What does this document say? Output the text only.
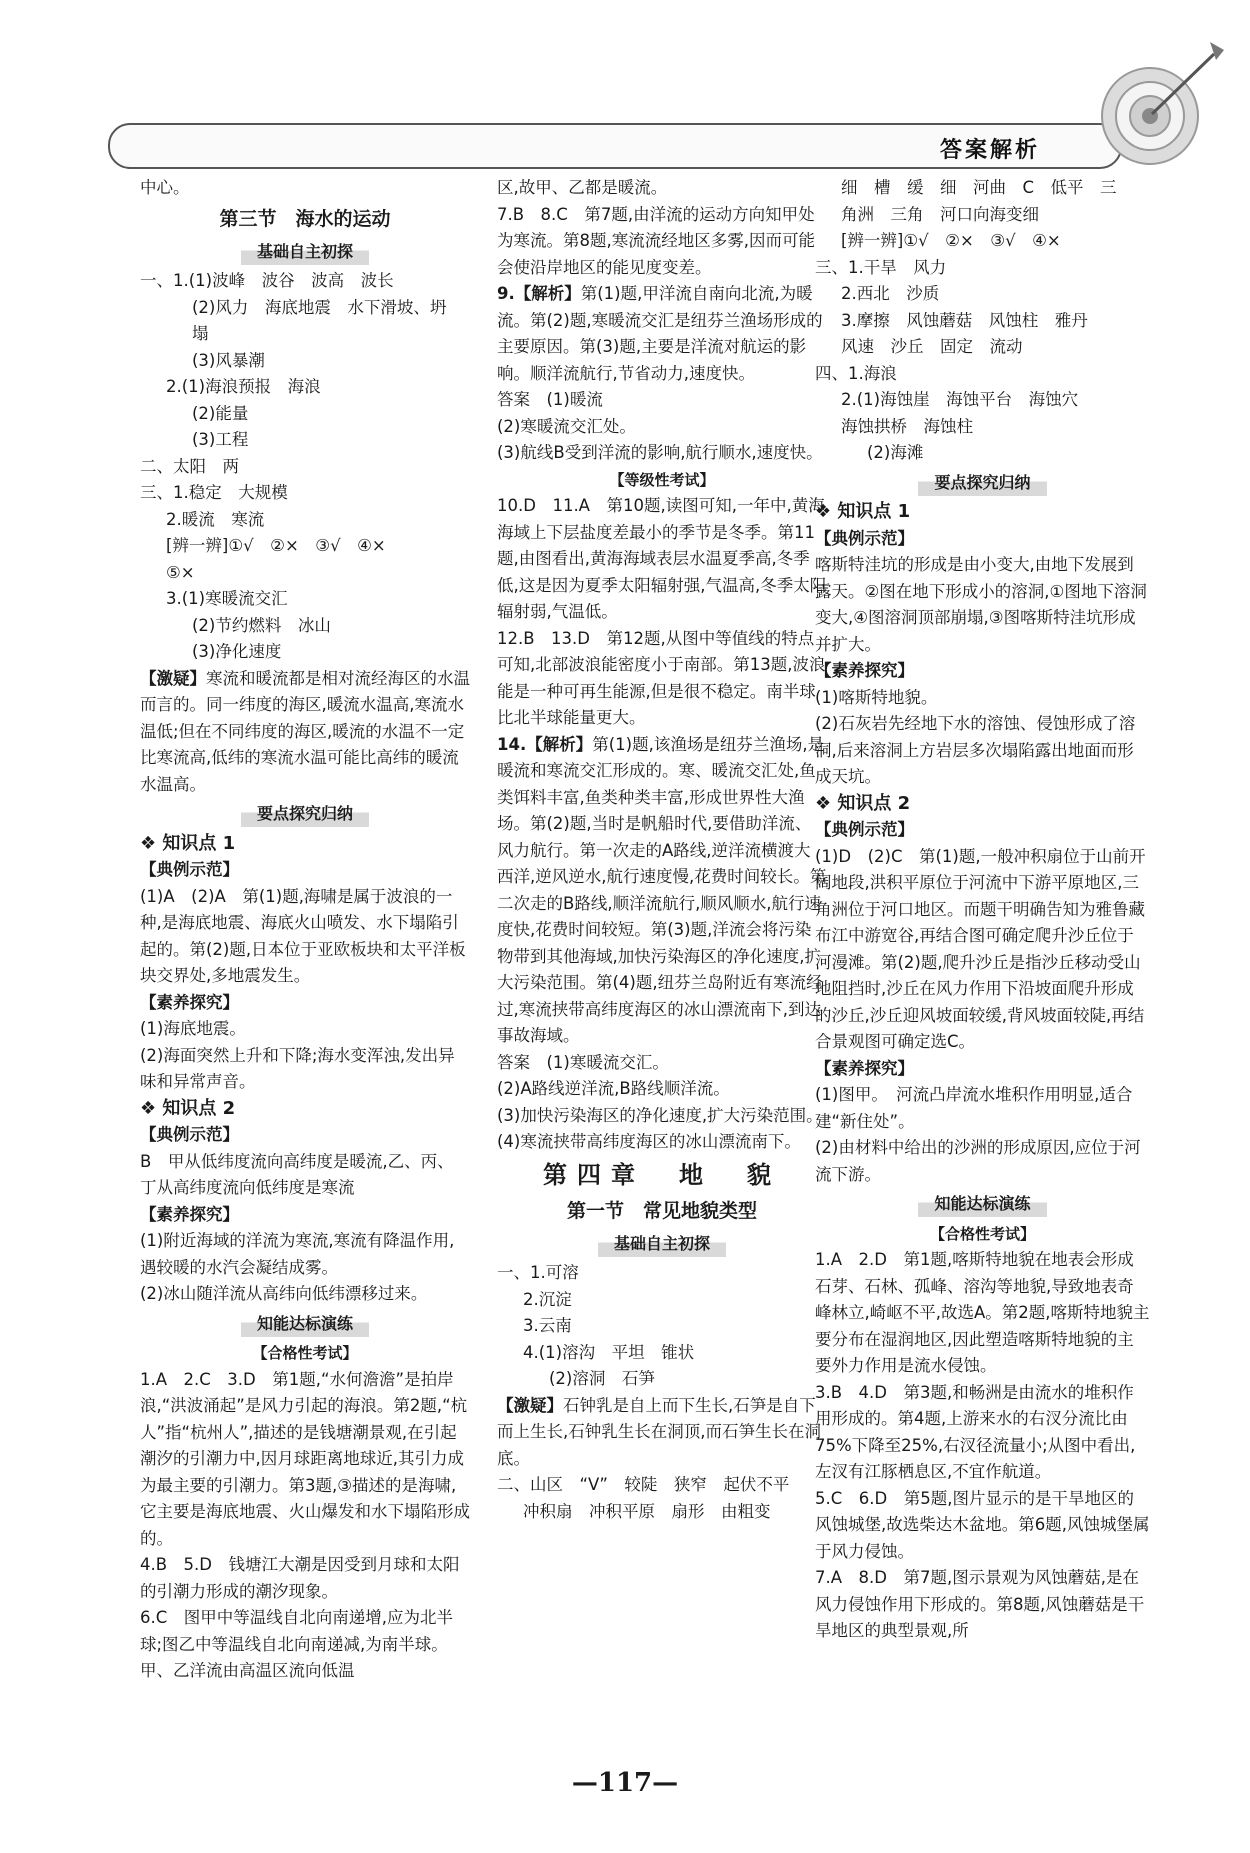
答案解析
中心。
第三节　海水的运动
基础自主初探
一、1.(1)波峰　波谷　波高　波长
(2)风力　海底地震　水下滑坡、坍
塌
(3)风暴潮
2.(1)海浪预报　海浪
(2)能量
(3)工程
二、太阳　两
三、1.稳定　大规模
2.暖流　寒流
[辨一辨]①√　②×　③√　④×
⑤×
3.(1)寒暖流交汇
(2)节约燃料　冰山
(3)净化速度
【激疑】寒流和暖流都是相对流经海区的水温而言的。同一纬度的海区,暖流水温高,寒流水温低;但在不同纬度的海区,暖流的水温不一定比寒流高,低纬的寒流水温可能比高纬的暖流水温高。
要点探究归纳
❖ 知识点 1
【典例示范】
(1)A　(2)A　第(1)题,海啸是属于波浪的一种,是海底地震、海底火山喷发、水下塌陷引起的。第(2)题,日本位于亚欧板块和太平洋板块交界处,多地震发生。
【素养探究】
(1)海底地震。
(2)海面突然上升和下降;海水变浑浊,发出异味和异常声音。
❖ 知识点 2
【典例示范】
B　甲从低纬度流向高纬度是暖流,乙、丙、丁从高纬度流向低纬度是寒流
【素养探究】
(1)附近海域的洋流为寒流,寒流有降温作用,遇较暖的水汽会凝结成雾。
(2)冰山随洋流从高纬向低纬漂移过来。
知能达标演练
【合格性考试】
1.A　2.C　3.D　第1题,“水何澹澹”是拍岸浪,“洪波涌起”是风力引起的海浪。第2题,“杭人”指“杭州人”,描述的是钱塘潮景观,在引起潮汐的引潮力中,因月球距离地球近,其引力成为最主要的引潮力。第3题,③描述的是海啸,它主要是海底地震、火山爆发和水下塌陷形成的。
4.B　5.D　钱塘江大潮是因受到月球和太阳的引潮力形成的潮汐现象。
6.C　图甲中等温线自北向南递增,应为北半球;图乙中等温线自北向南递减,为南半球。甲、乙洋流由高温区流向低温
区,故甲、乙都是暖流。
7.B　8.C　第7题,由洋流的运动方向知甲处为寒流。第8题,寒流流经地区多雾,因而可能会使沿岸地区的能见度变差。
9.【解析】第(1)题,甲洋流自南向北流,为暖流。第(2)题,寒暖流交汇是纽芬兰渔场形成的主要原因。第(3)题,主要是洋流对航运的影响。顺洋流航行,节省动力,速度快。
答案　(1)暖流
(2)寒暖流交汇处。
(3)航线B受到洋流的影响,航行顺水,速度快。
【等级性考试】
10.D　11.A　第10题,读图可知,一年中,黄海海域上下层盐度差最小的季节是冬季。第11题,由图看出,黄海海域表层水温夏季高,冬季低,这是因为夏季太阳辐射强,气温高,冬季太阳辐射弱,气温低。
12.B　13.D　第12题,从图中等值线的特点可知,北部波浪能密度小于南部。第13题,波浪能是一种可再生能源,但是很不稳定。南半球比北半球能量更大。
14.【解析】第(1)题,该渔场是纽芬兰渔场,是暖流和寒流交汇形成的。寒、暖流交汇处,鱼类饵料丰富,鱼类种类丰富,形成世界性大渔场。第(2)题,当时是帆船时代,要借助洋流、风力航行。第一次走的A路线,逆洋流横渡大西洋,逆风逆水,航行速度慢,花费时间较长。第二次走的B路线,顺洋流航行,顺风顺水,航行速度快,花费时间较短。第(3)题,洋流会将污染物带到其他海域,加快污染海区的净化速度,扩大污染范围。第(4)题,纽芬兰岛附近有寒流经过,寒流挟带高纬度海区的冰山漂流南下,到达事故海域。
答案　(1)寒暖流交汇。
(2)A路线逆洋流,B路线顺洋流。
(3)加快污染海区的净化速度,扩大污染范围。
(4)寒流挟带高纬度海区的冰山漂流南下。
第四章　地　貌
第一节　常见地貌类型
基础自主初探
一、1.可溶
2.沉淀
3.云南
4.(1)溶沟　平坦　锥状
(2)溶洞　石笋
【激疑】石钟乳是自上而下生长,石笋是自下而上生长,石钟乳生长在洞顶,而石笋生长在洞底。
二、山区　“V”　较陡　狭窄　起伏不平
冲积扇　冲积平原　扇形　由粗变
细　槽　缓　细　河曲　C　低平　三
角洲　三角　河口向海变细
[辨一辨]①√　②×　③√　④×
三、1.干旱　风力
2.西北　沙质
3.摩擦　风蚀蘑菇　风蚀柱　雅丹
风速　沙丘　固定　流动
四、1.海浪
2.(1)海蚀崖　海蚀平台　海蚀穴
海蚀拱桥　海蚀柱
(2)海滩
要点探究归纳
❖ 知识点 1
【典例示范】
喀斯特洼坑的形成是由小变大,由地下发展到露天。②图在地下形成小的溶洞,①图地下溶洞变大,④图溶洞顶部崩塌,③图喀斯特洼坑形成并扩大。
【素养探究】
(1)喀斯特地貌。
(2)石灰岩先经地下水的溶蚀、侵蚀形成了溶洞,后来溶洞上方岩层多次塌陷露出地面而形成天坑。
❖ 知识点 2
【典例示范】
(1)D　(2)C　第(1)题,一般冲积扇位于山前开阔地段,洪积平原位于河流中下游平原地区,三角洲位于河口地区。而题干明确告知为雅鲁藏布江中游宽谷,再结合图可确定爬升沙丘位于河漫滩。第(2)题,爬升沙丘是指沙丘移动受山地阻挡时,沙丘在风力作用下沿坡面爬升形成的沙丘,沙丘迎风坡面较缓,背风坡面较陡,再结合景观图可确定选C。
【素养探究】
(1)图甲。　河流凸岸流水堆积作用明显,适合建“新住处”。
(2)由材料中给出的沙洲的形成原因,应位于河流下游。
知能达标演练
【合格性考试】
1.A　2.D　第1题,喀斯特地貌在地表会形成石芽、石林、孤峰、溶沟等地貌,导致地表奇峰林立,崎岖不平,故选A。第2题,喀斯特地貌主要分布在湿润地区,因此塑造喀斯特地貌的主要外力作用是流水侵蚀。
3.B　4.D　第3题,和畅洲是由流水的堆积作用形成的。第4题,上游来水的右汊分流比由75%下降至25%,右汊径流量小;从图中看出,左汊有江豚栖息区,不宜作航道。
5.C　6.D　第5题,图片显示的是干旱地区的风蚀城堡,故选柴达木盆地。第6题,风蚀城堡属于风力侵蚀。
7.A　8.D　第7题,图示景观为风蚀蘑菇,是在风力侵蚀作用下形成的。第8题,风蚀蘑菇是干旱地区的典型景观,所
—117—
